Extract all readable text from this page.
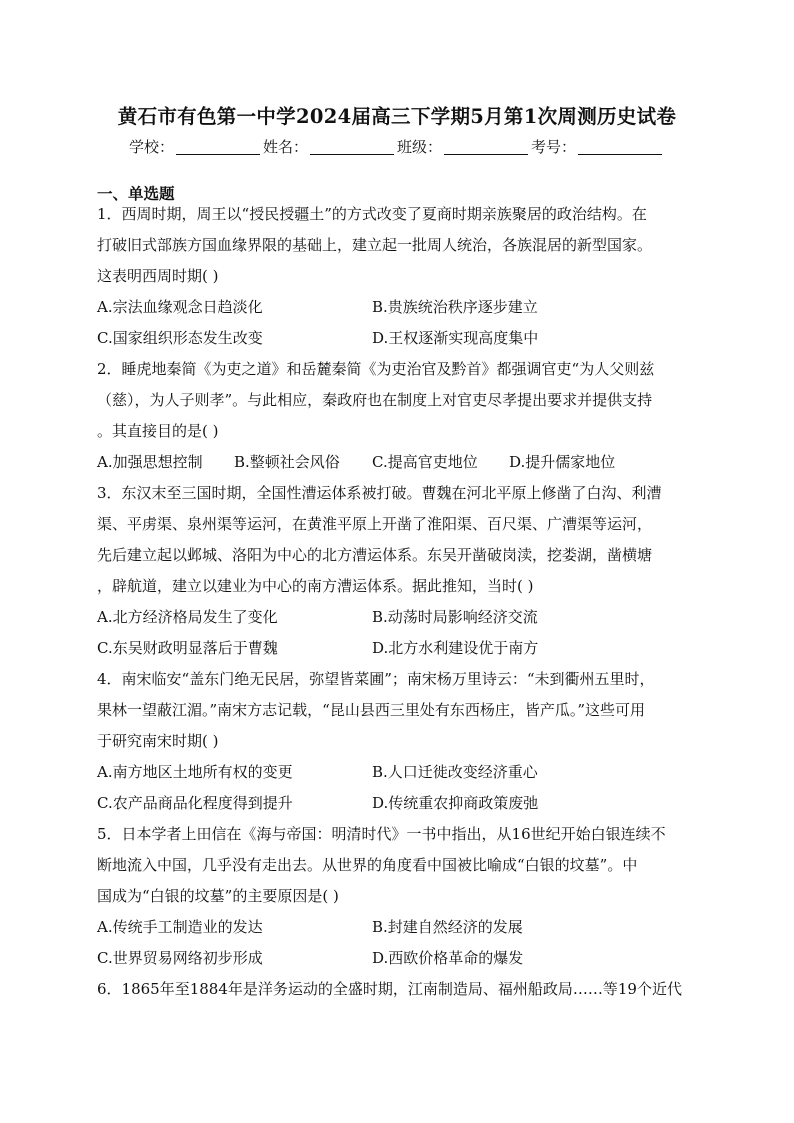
黄石市有色第一中学2024届高三下学期5月第1次周测历史试卷
学校：	姓名：	班级：	考号：
一、单选题
1．西周时期，周王以“授民授疆土”的方式改变了夏商时期亲族聚居的政治结构。在
打破旧式部族方国血缘界限的基础上，建立起一批周人统治，各族混居的新型国家。
这表明西周时期( )
A.宗法血缘观念日趋淡化	B.贵族统治秩序逐步建立
C.国家组织形态发生改变	D.王权逐渐实现高度集中
2．睡虎地秦简《为吏之道》和岳麓秦简《为吏治官及黔首》都强调官吏“为人父则兹
（慈），为人子则孝”。与此相应，秦政府也在制度上对官吏尽孝提出要求并提供支持
。其直接目的是( )
A.加强思想控制 B.整顿社会风俗 C.提高官吏地位 D.提升儒家地位
3．东汉末至三国时期，全国性漕运体系被打破。曹魏在河北平原上修凿了白沟、利漕
渠、平虏渠、泉州渠等运河，在黄淮平原上开凿了淮阳渠、百尺渠、广漕渠等运河，
先后建立起以邺城、洛阳为中心的北方漕运体系。东吴开凿破岗渎，挖娄湖，凿横塘
，辟航道，建立以建业为中心的南方漕运体系。据此推知，当时( )
A.北方经济格局发生了变化	B.动荡时局影响经济交流
C.东吴财政明显落后于曹魏	D.北方水利建设优于南方
4．南宋临安“盖东门绝无民居，弥望皆菜圃”；南宋杨万里诗云：“未到衢州五里时，
果林一望蔽江湄。”南宋方志记载，“昆山县西三里处有东西杨庄，皆产瓜。”这些可用
于研究南宋时期( )
A.南方地区土地所有权的变更	B.人口迁徙改变经济重心
C.农产品商品化程度得到提升	D.传统重农抑商政策废弛
5．日本学者上田信在《海与帝国：明清时代》一书中指出，从16世纪开始白银连续不
断地流入中国，几乎没有走出去。从世界的角度看中国被比喻成“白银的坟墓”。中
国成为“白银的坟墓”的主要原因是( )
A.传统手工制造业的发达	B.封建自然经济的发展
C.世界贸易网络初步形成	D.西欧价格革命的爆发
6．1865年至1884年是洋务运动的全盛时期，江南制造局、福州船政局……等19个近代
